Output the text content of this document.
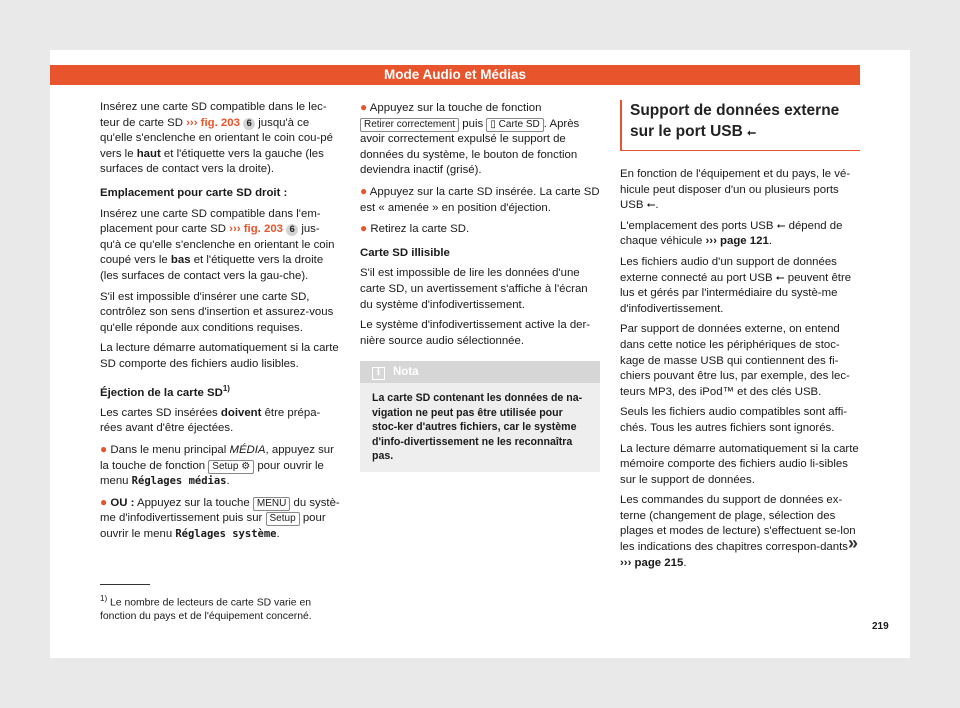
Mode Audio et Médias

Insérez une carte SD compatible dans le lec-teur de carte SD ››› fig. 203 6 jusqu'à ce qu'elle s'enclenche en orientant le coin cou-pé vers le haut et l'étiquette vers la gauche (les surfaces de contact vers la droite).

Emplacement pour carte SD droit :

Insérez une carte SD compatible dans l'em-placement pour carte SD ››› fig. 203 6 jus-qu'à ce qu'elle s'enclenche en orientant le coin coupé vers le bas et l'étiquette vers la droite (les surfaces de contact vers la gau-che).

S'il est impossible d'insérer une carte SD, contrôlez son sens d'insertion et assurez-vous qu'elle réponde aux conditions requises.

La lecture démarre automatiquement si la carte SD comporte des fichiers audio lisibles.

Éjection de la carte SD$^{1)}$

Les cartes SD insérées doivent être prépa-rées avant d'être éjectées.

● Dans le menu principal MÉDIA, appuyez sur la touche de fonction Setup ⚙ pour ouvrir le menu Réglages médias.

● OU : Appuyez sur la touche MENU du systè-me d'infodivertissement puis sur Setup pour ouvrir le menu Réglages système.

● Appuyez sur la touche de fonction Retirer correctement puis ▯ Carte SD . Après avoir correctement expulsé le support de données du système, le bouton de fonction deviendra inactif (grisé).

● Appuyez sur la carte SD insérée. La carte SD est « amenée » en position d'éjection.

● Retirez la carte SD.

Carte SD illisible

S'il est impossible de lire les données d'une carte SD, un avertissement s'affiche à l'écran du système d'infodivertissement.

Le système d'infodivertissement active la der-nière source audio sélectionnée.

i Nota
La carte SD contenant les données de na-vigation ne peut pas être utilisée pour stoc-ker d'autres fichiers, car le système d'info-divertissement ne les reconnaîtra pas.
Support de données externe sur le port USB ⭠

En fonction de l'équipement et du pays, le vé-hicule peut disposer d'un ou plusieurs ports USB ⭠.

L'emplacement des ports USB ⭠ dépend de chaque véhicule ››› page 121.

Les fichiers audio d'un support de données externe connecté au port USB ⭠ peuvent être lus et gérés par l'intermédiaire du systè-me d'infodivertissement.

Par support de données externe, on entend dans cette notice les périphériques de stoc-kage de masse USB qui contiennent des fi-chiers pouvant être lus, par exemple, des lec-teurs MP3, des iPod™ et des clés USB.

Seuls les fichiers audio compatibles sont affi-chés. Tous les autres fichiers sont ignorés.

La lecture démarre automatiquement si la carte mémoire comporte des fichiers audio li-sibles sur le support de données.

Les commandes du support de données ex-terne (changement de plage, sélection des plages et modes de lecture) s'effectuent se-lon les indications des chapitres correspon-dants ››› page 215.

»
$^{1)}$ Le nombre de lecteurs de carte SD varie en fonction du pays et de l'équipement concerné.
219
